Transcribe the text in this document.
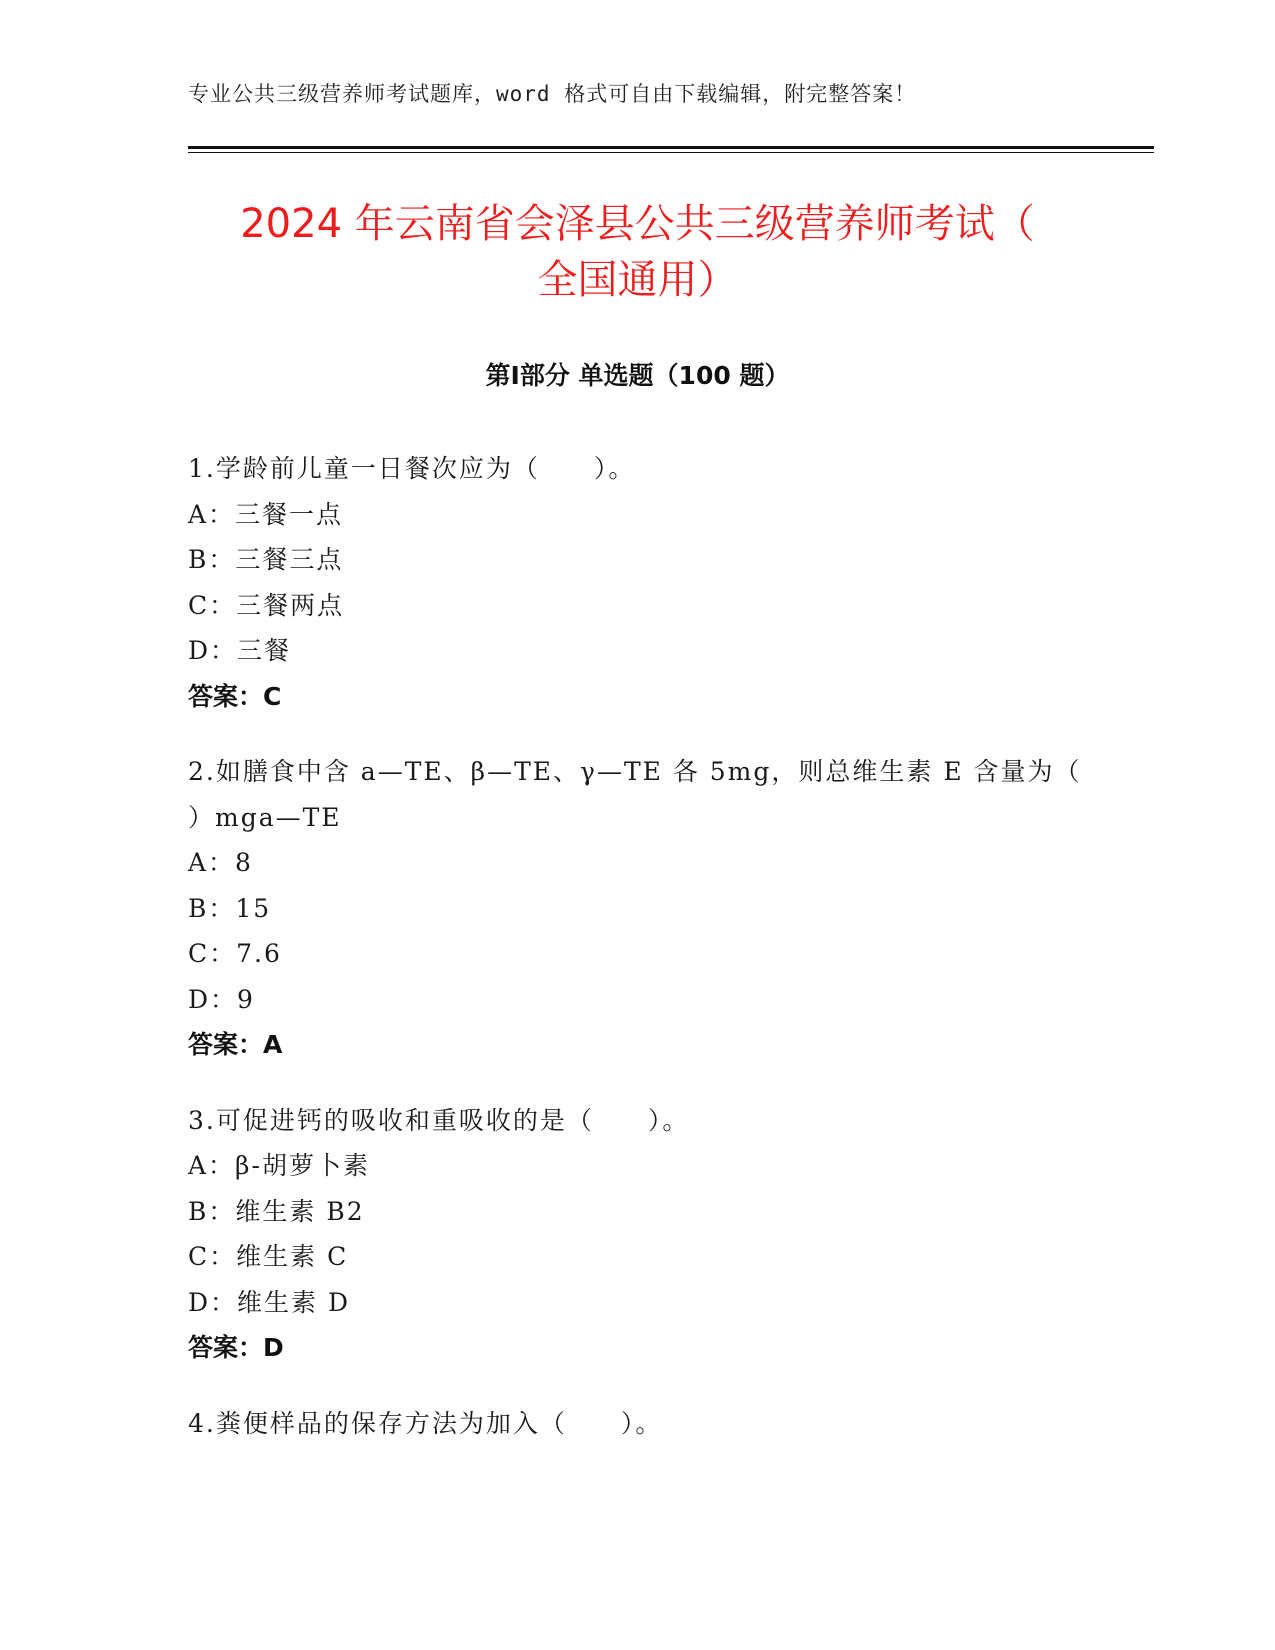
专业公共三级营养师考试题库，word 格式可自由下载编辑，附完整答案！
2024 年云南省会泽县公共三级营养师考试（
全国通用）
第Ⅰ部分 单选题（100 题）
1.学龄前儿童一日餐次应为（　　）。
A：三餐一点
B：三餐三点
C：三餐两点
D：三餐
答案：C
2.如膳食中含 a—TE、β—TE、γ—TE 各 5mg，则总维生素 E 含量为（
）mga—TE
A：8
B：15
C：7.6
D：9
答案：A
3.可促进钙的吸收和重吸收的是（　　）。
A：β-胡萝卜素
B：维生素 B2
C：维生素 C
D：维生素 D
答案：D
4.粪便样品的保存方法为加入（　　）。
